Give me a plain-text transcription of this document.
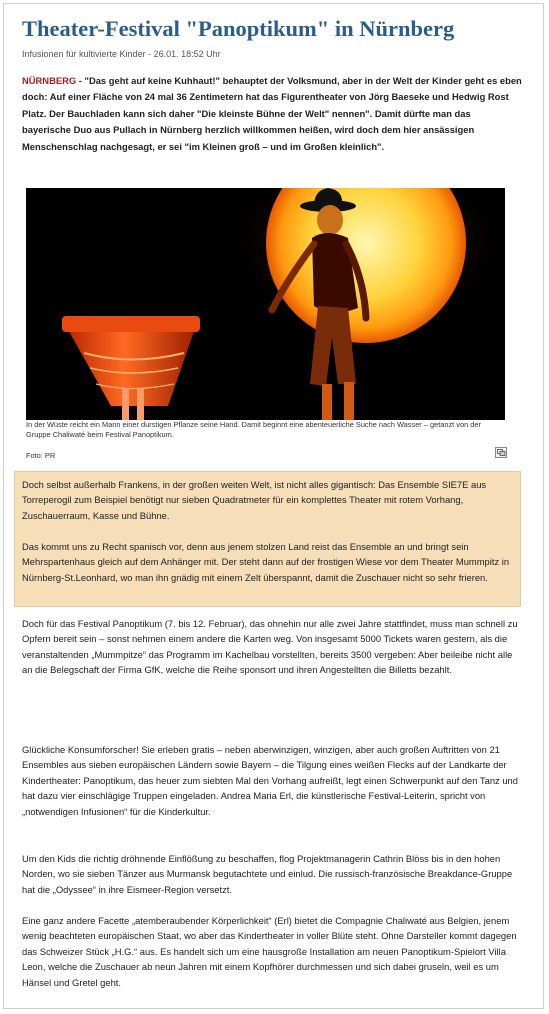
Theater-Festival "Panoptikum" in Nürnberg
Infusionen für kultivierte Kinder - 26.01. 18:52 Uhr

NÜRNBERG - "Das geht auf keine Kuhhaut!" behauptet der Volksmund, aber in der Welt der Kinder geht es eben doch: Auf einer Fläche von 24 mal 36 Zentimetern hat das Figurentheater von Jörg Baeseke und Hedwig Rost Platz. Der Bauchladen kann sich daher "Die kleinste Bühne der Welt" nennen". Damit dürfte man das bayerische Duo aus Pullach in Nürnberg herzlich willkommen heißen, wird doch dem hier ansässigen Menschenschlag nachgesagt, er sei "im Kleinen groß – und im Großen kleinlich".

In der Wüste reicht ein Mann einer durstigen Pflanze seine Hand. Damit beginnt eine abenteuerliche Suche nach Wasser – getanzt von der Gruppe Chaliwaté beim Festival Panoptikum.

Foto: PR

Doch selbst außerhalb Frankens, in der großen weiten Welt, ist nicht alles gigantisch: Das Ensemble SIE7E aus Torreperogil zum Beispiel benötigt nur sieben Quadratmeter für ein komplettes Theater mit rotem Vorhang, Zuschauerraum, Kasse und Bühne.

Das kommt uns zu Recht spanisch vor, denn aus jenem stolzen Land reist das Ensemble an und bringt sein Mehrspartenhaus gleich auf dem Anhänger mit. Der steht dann auf der frostigen Wiese vor dem Theater Mummpitz in Nürnberg-St.Leonhard, wo man ihn gnädig mit einem Zelt überspannt, damit die Zuschauer nicht so sehr frieren.

Doch für das Festival Panoptikum (7. bis 12. Februar), das ohnehin nur alle zwei Jahre stattfindet, muss man schnell zu Opfern bereit sein – sonst nehmen einem andere die Karten weg. Von insgesamt 5000 Tickets waren gestern, als die veranstaltenden „Mummpitze“ das Programm im Kachelbau vorstellten, bereits 3500 vergeben: Aber beileibe nicht alle an die Belegschaft der Firma GfK, welche die Reihe sponsort und ihren Angestellten die Billetts bezahlt.

Glückliche Konsumforscher! Sie erleben gratis – neben aberwinzigen, winzigen, aber auch großen Auftritten von 21 Ensembles aus sieben europäischen Ländern sowie Bayern – die Tilgung eines weißen Flecks auf der Landkarte der Kindertheater: Panoptikum, das heuer zum siebten Mal den Vorhang aufreißt, legt einen Schwerpunkt auf den Tanz und hat dazu vier einschlägige Truppen eingeladen. Andrea Maria Erl, die künstlerische Festival-Leiterin, spricht von „notwendigen Infusionen“ für die Kinderkultur.

Um den Kids die richtig dröhnende Einflößung zu beschaffen, flog Projektmanagerin Cathrin Blöss bis in den hohen Norden, wo sie sieben Tänzer aus Murmansk begutachtete und einlud. Die russisch-französische Breakdance-Gruppe hat die „Odyssee“ in ihre Eismeer-Region versetzt.

Eine ganz andere Facette „atemberaubender Körperlichkeit“ (Erl) bietet die Compagnie Chaliwaté aus Belgien, jenem wenig beachteten europäischen Staat, wo aber das Kindertheater in voller Blüte steht. Ohne Darsteller kommt dagegen das Schweizer Stück „H.G.“ aus. Es handelt sich um eine hausgroße Installation am neuen Panoptikum-Spielort Villa Leon, welche die Zuschauer ab neun Jahren mit einem Kopfhörer durchmessen und sich dabei gruseln, weil es um Hänsel und Gretel geht.
